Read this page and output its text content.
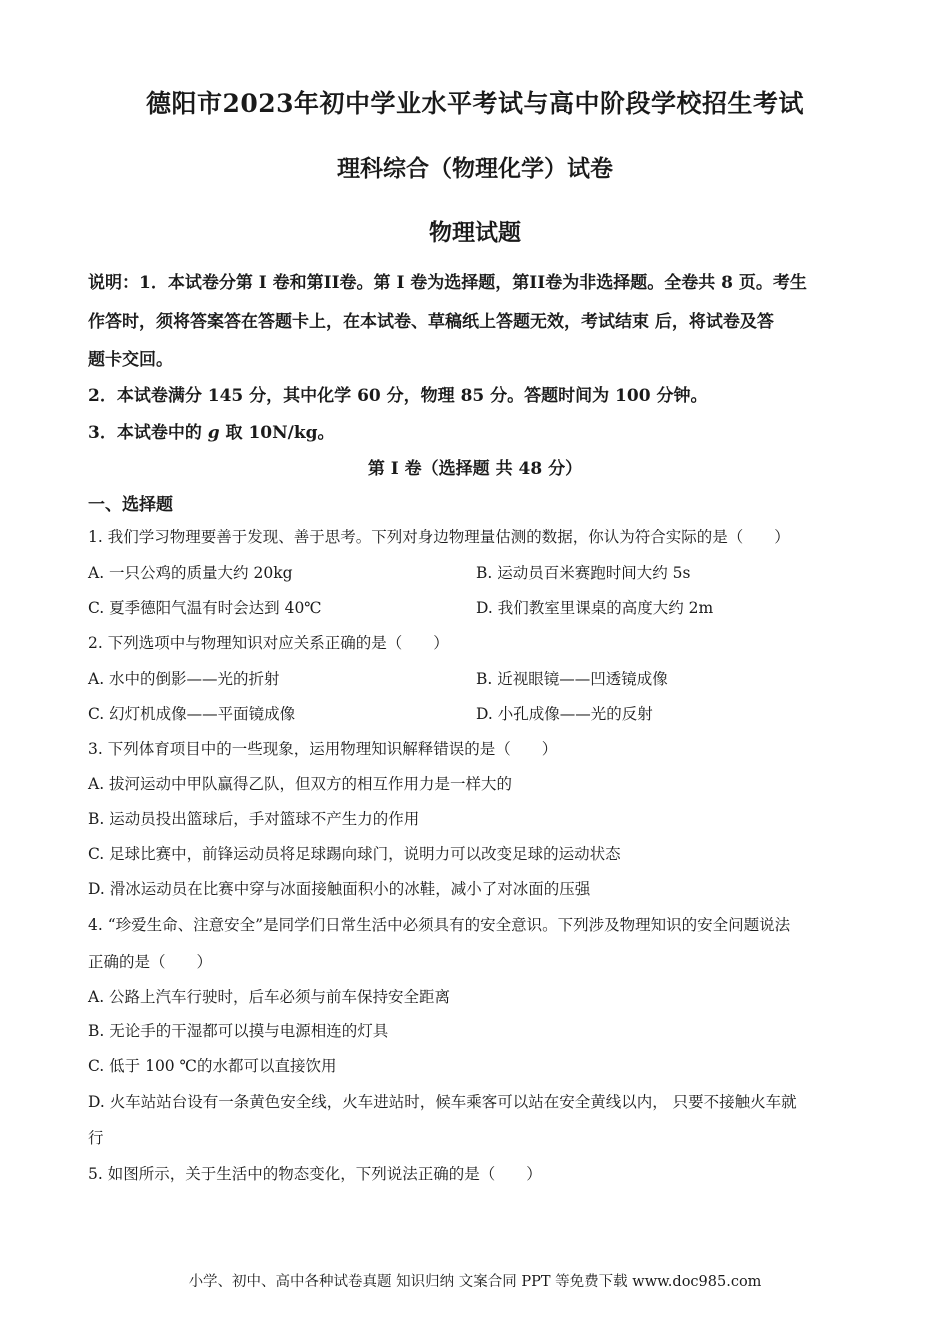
德阳市2023年初中学业水平考试与高中阶段学校招生考试
理科综合（物理化学）试卷
物理试题
说明：1．本试卷分第 I 卷和第II卷。第 I 卷为选择题，第II卷为非选择题。全卷共 8 页。考生
作答时，须将答案答在答题卡上，在本试卷、草稿纸上答题无效，考试结束 后，将试卷及答
题卡交回。
2．本试卷满分 145 分，其中化学 60 分，物理 85 分。答题时间为 100 分钟。
3．本试卷中的 g 取 10N/kg。
第 I 卷（选择题 共 48 分）
一、选择题
1. 我们学习物理要善于发现、善于思考。下列对身边物理量估测的数据，你认为符合实际的是（　　）
A. 一只公鸡的质量大约 20kg	B. 运动员百米赛跑时间大约 5s
C. 夏季德阳气温有时会达到 40℃	D. 我们教室里课桌的高度大约 2m
2. 下列选项中与物理知识对应关系正确的是（　　）
A. 水中的倒影——光的折射	B. 近视眼镜——凹透镜成像
C. 幻灯机成像——平面镜成像	D. 小孔成像——光的反射
3. 下列体育项目中的一些现象，运用物理知识解释错误的是（　　）
A. 拔河运动中甲队赢得乙队，但双方的相互作用力是一样大的
B. 运动员投出篮球后，手对篮球不产生力的作用
C. 足球比赛中，前锋运动员将足球踢向球门，说明力可以改变足球的运动状态
D. 滑冰运动员在比赛中穿与冰面接触面积小的冰鞋，减小了对冰面的压强
4. “珍爱生命、注意安全”是同学们日常生活中必须具有的安全意识。下列涉及物理知识的安全问题说法
正确的是（　　）
A. 公路上汽车行驶时，后车必须与前车保持安全距离
B. 无论手的干湿都可以摸与电源相连的灯具
C. 低于 100 ℃的水都可以直接饮用
D. 火车站站台设有一条黄色安全线，火车进站时，候车乘客可以站在安全黄线以内， 只要不接触火车就
行
5. 如图所示，关于生活中的物态变化，下列说法正确的是（　　）
小学、初中、高中各种试卷真题 知识归纳 文案合同 PPT 等免费下载 www.doc985.com
